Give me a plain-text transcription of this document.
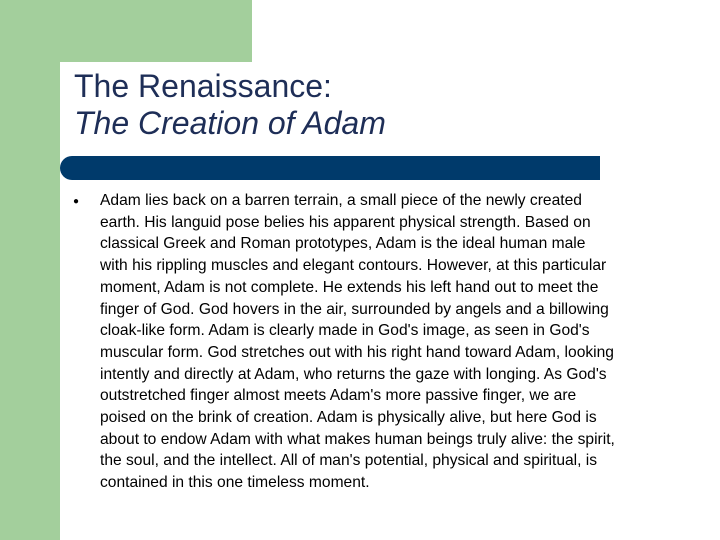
The Renaissance:
The Creation of Adam
● Adam lies back on a barren terrain, a small piece of the newly created
earth. His languid pose belies his apparent physical strength. Based on
classical Greek and Roman prototypes, Adam is the ideal human male
with his rippling muscles and elegant contours. However, at this particular
moment, Adam is not complete. He extends his left hand out to meet the
finger of God. God hovers in the air, surrounded by angels and a billowing
cloak-like form. Adam is clearly made in God's image, as seen in God's
muscular form. God stretches out with his right hand toward Adam, looking
intently and directly at Adam, who returns the gaze with longing. As God's
outstretched finger almost meets Adam's more passive finger, we are
poised on the brink of creation. Adam is physically alive, but here God is
about to endow Adam with what makes human beings truly alive: the spirit,
the soul, and the intellect. All of man's potential, physical and spiritual, is
contained in this one timeless moment.
